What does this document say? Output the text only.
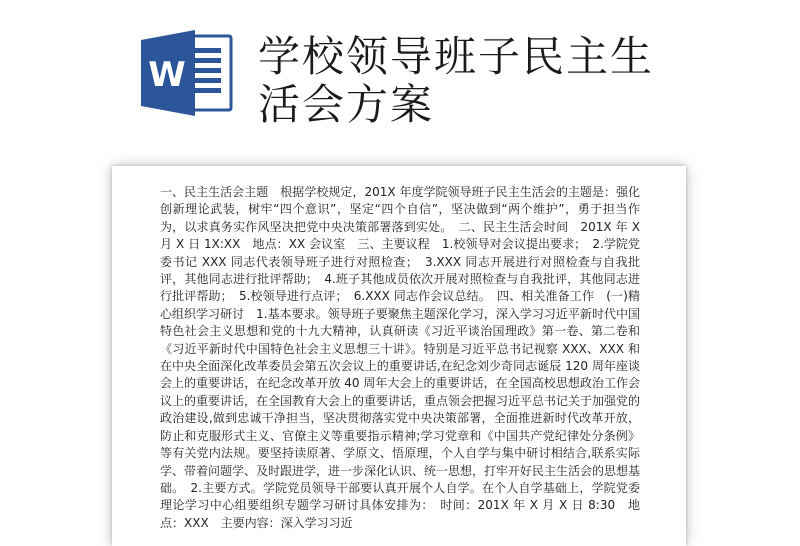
W 学校领导班子民主生活会方案

一、民主生活会主题　根据学校规定，201X 年度学院领导班子民主生活会的主题是：强化创新理论武装，树牢“四个意识”，坚定“四个自信”，坚决做到“两个维护”，勇于担当作为，以求真务实作风坚决把党中央决策部署落到实处。　二、民主生活会时间　201X 年 X 月 X 日 1X:XX　地点：XX 会议室　三、主要议程　1.校领导对会议提出要求；　2.学院党委书记 XXX 同志代表领导班子进行对照检查；　3.XXX 同志开展进行对照检查与自我批评，其他同志进行批评帮助；　4.班子其他成员依次开展对照检查与自我批评，其他同志进行批评帮助；　5.校领导进行点评；　6.XXX 同志作会议总结。　四、相关准备工作　(一)精心组织学习研讨　1.基本要求。领导班子要聚焦主题深化学习，深入学习习近平新时代中国特色社会主义思想和党的十九大精神，认真研读《习近平谈治国理政》第一卷、第二卷和《习近平新时代中国特色社会主义思想三十讲》。特别是习近平总书记视察 XXX、XXX 和在中央全面深化改革委员会第五次会议上的重要讲话,在纪念刘少奇同志诞辰 120 周年座谈会上的重要讲话，在纪念改革开放 40 周年大会上的重要讲话，在全国高校思想政治工作会议上的重要讲话，在全国教育大会上的重要讲话，重点领会把握习近平总书记关于加强党的政治建设,做到忠诚干净担当，坚决贯彻落实党中央决策部署，全面推进新时代改革开放，防止和克服形式主义、官僚主义等重要指示精神;学习党章和《中国共产党纪律处分条例》等有关党内法规。要坚持读原著、学原文、悟原理，个人自学与集中研讨相结合,联系实际学、带着问题学、及时跟进学，进一步深化认识、统一思想，打牢开好民主生活会的思想基础。　2.主要方式。学院党员领导干部要认真开展个人自学。在个人自学基础上，学院党委理论学习中心组要组织专题学习研讨具体安排为：　时间：201X 年 X 月 X 日 8:30　地点：XXX　主要内容：深入学习习近
